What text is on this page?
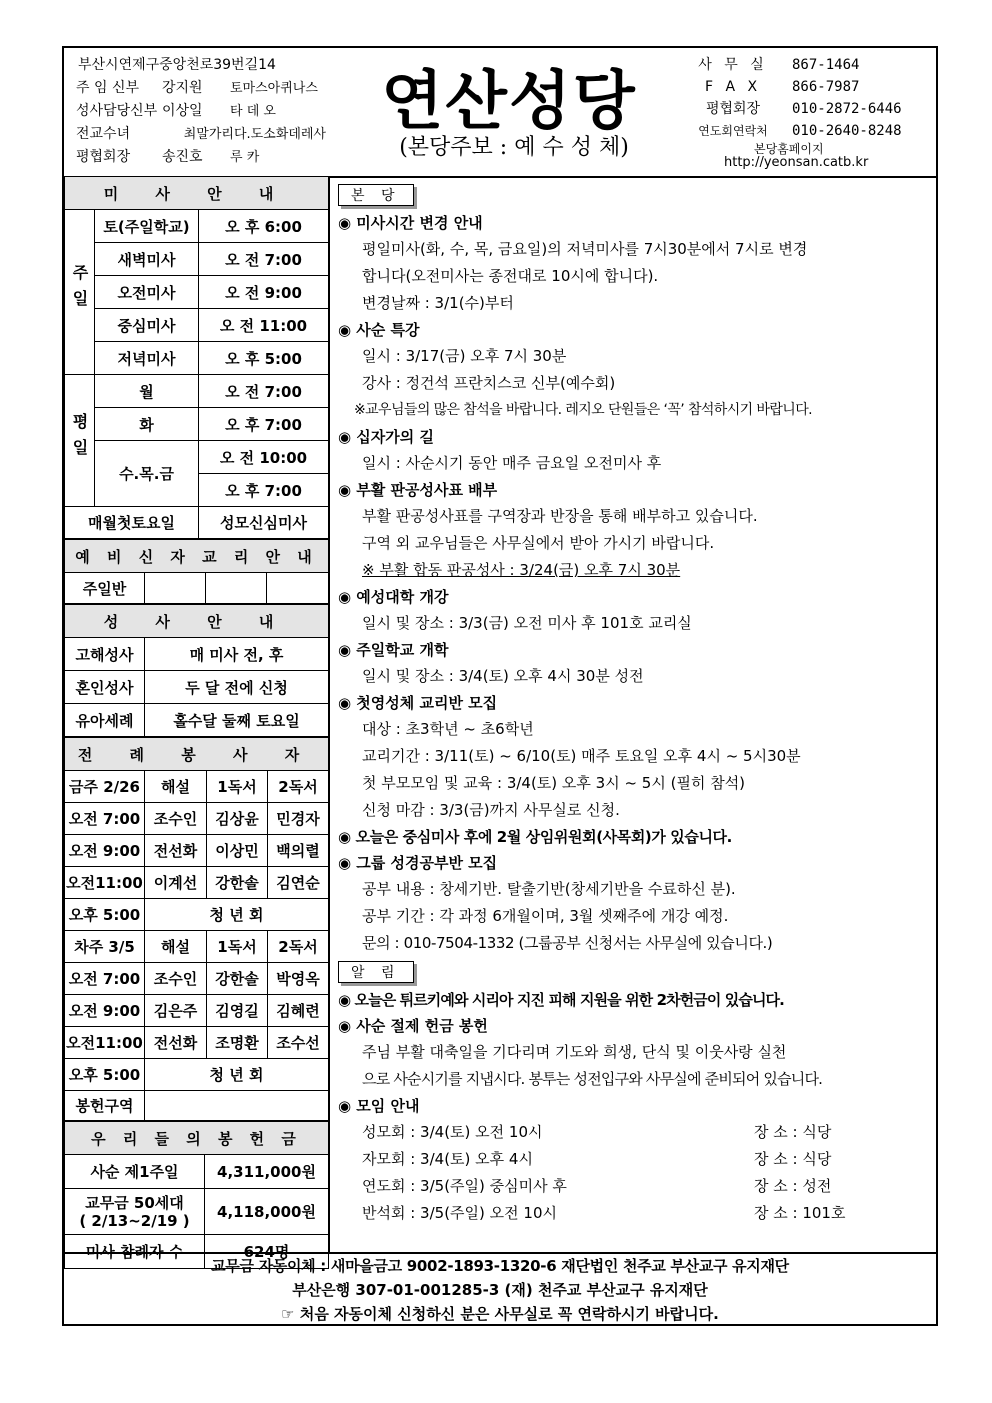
부산시연제구중앙천로39번길14
주 임 신부	강지원	토마스아퀴나스
성사담당신부 이상일	타 데 오
전교수녀	최말가리다.도소화데레사
평협회장	송진호	루 카
연산성당
(본당주보 : 예 수 성 체)
사 무 실	867-1464
F A X	866-7987
평협회장	010-2872-6446
연도회연락처	010-2640-8248
본당홈페이지
http://yeonsan.catb.kr
미 사 안 내		
주일	토(주일학교)	오 후 6:00
	새벽미사	오 전 7:00
	오전미사	오 전 9:00
	중심미사	오 전 11:00
	저녁미사	오 후 5:00
평일	월	오 전 7:00
	화	오 후 7:00
	수.목.금	오 전 10:00
		오 후 7:00
매월첫토요일		성모신심미사
예 비 신 자 교 리 안 내
주일반			
성 사 안 내	
고해성사	매 미사 전, 후
혼인성사	두 달 전에 신청
유아세례	홀수달 둘째 토요일
전 례 봉 사 자			
금주 2/26	해설	1독서	2독서
오전 7:00	조수인	김상윤	민경자
오전 9:00	전선화	이상민	백의렬
오전11:00	이계선	강한솔	김연순
오후 5:00	청 년 회		
차주 3/5	해설	1독서	2독서
오전 7:00	조수인	강한솔	박영옥
오전 9:00	김은주	김영길	김혜련
오전11:00	전선화	조명환	조수선
오후 5:00	청 년 회		
봉헌구역			
우 리 들 의 봉 헌 금	
사순 제1주일	4,311,000원
교무금 50세대
( 2/13~2/19 )	4,118,000원
미사 참례자 수	624명
본 당
◉ 미사시간 변경 안내
평일미사(화, 수, 목, 금요일)의 저녁미사를 7시30분에서 7시로 변경
합니다(오전미사는 종전대로 10시에 합니다).
변경날짜 : 3/1(수)부터
◉ 사순 특강
일시 : 3/17(금) 오후 7시 30분
강사 : 정건석 프란치스코 신부(예수회)
※교우님들의 많은 참석을 바랍니다. 레지오 단원들은 ‘꼭’ 참석하시기 바랍니다.
◉ 십자가의 길
일시 : 사순시기 동안 매주 금요일 오전미사 후
◉ 부활 판공성사표 배부
부활 판공성사표를 구역장과 반장을 통해 배부하고 있습니다.
구역 외 교우님들은 사무실에서 받아 가시기 바랍니다.
※ 부활 합동 판공성사 : 3/24(금) 오후 7시 30분
◉ 예성대학 개강
일시 및 장소 : 3/3(금) 오전 미사 후 101호 교리실
◉ 주일학교 개학
일시 및 장소 : 3/4(토) 오후 4시 30분 성전
◉ 첫영성체 교리반 모집
대상 : 초3학년 ~ 초6학년
교리기간 : 3/11(토) ~ 6/10(토) 매주 토요일 오후 4시 ~ 5시30분
첫 부모모임 및 교육 : 3/4(토) 오후 3시 ~ 5시 (필히 참석)
신청 마감 : 3/3(금)까지 사무실로 신청.
◉ 오늘은 중심미사 후에 2월 상임위원회(사목회)가 있습니다.
◉ 그룹 성경공부반 모집
공부 내용 : 창세기반. 탈출기반(창세기반을 수료하신 분).
공부 기간 : 각 과정 6개월이며, 3월 셋째주에 개강 예정.
문의 : 010-7504-1332 (그룹공부 신청서는 사무실에 있습니다.)
알 림
◉ 오늘은 튀르키예와 시리아 지진 피해 지원을 위한 2차헌금이 있습니다.
◉ 사순 절제 헌금 봉헌
주님 부활 대축일을 기다리며 기도와 희생, 단식 및 이웃사랑 실천
으로 사순시기를 지냅시다. 봉투는 성전입구와 사무실에 준비되어 있습니다.
◉ 모임 안내
성모회 : 3/4(토) 오전 10시	장 소 : 식당
자모회 : 3/4(토) 오후 4시	장 소 : 식당
연도회 : 3/5(주일) 중심미사 후	장 소 : 성전
반석회 : 3/5(주일) 오전 10시	장 소 : 101호
교무금 자동이체 : 새마을금고 9002-1893-1320-6 재단법인 천주교 부산교구 유지재단
부산은행 307-01-001285-3 (재) 천주교 부산교구 유지재단
☞ 처음 자동이체 신청하신 분은 사무실로 꼭 연락하시기 바랍니다.
